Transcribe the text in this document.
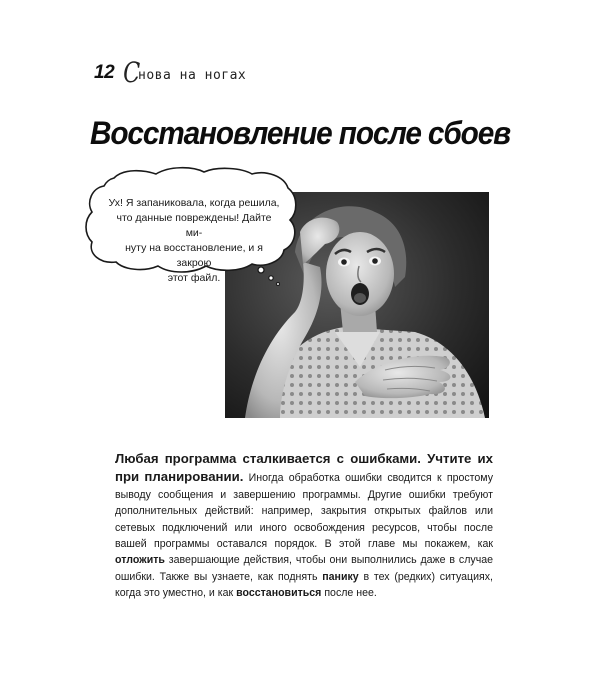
12 С
нова на ногах
Восстановление после сбоев
Ух! Я запаниковала, когда решила,
что данные повреждены! Дайте ми-
нуту на восстановление, и я закрою
этот файл.
Любая программа сталкивается с ошибками. Учтите их при планировании. Иногда обработка ошибки сводится к простому выводу сообщения и завершению программы. Другие ошибки требуют дополнительных действий: например, закрытия открытых файлов или сетевых подключений или иного освобождения ресурсов, чтобы после вашей программы оставался порядок. В этой главе мы покажем, как отложить завершающие действия, чтобы они выполнились даже в случае ошибки. Также вы узнаете, как поднять панику в тех (редких) ситуациях, когда это уместно, и как восстановиться после нее.
